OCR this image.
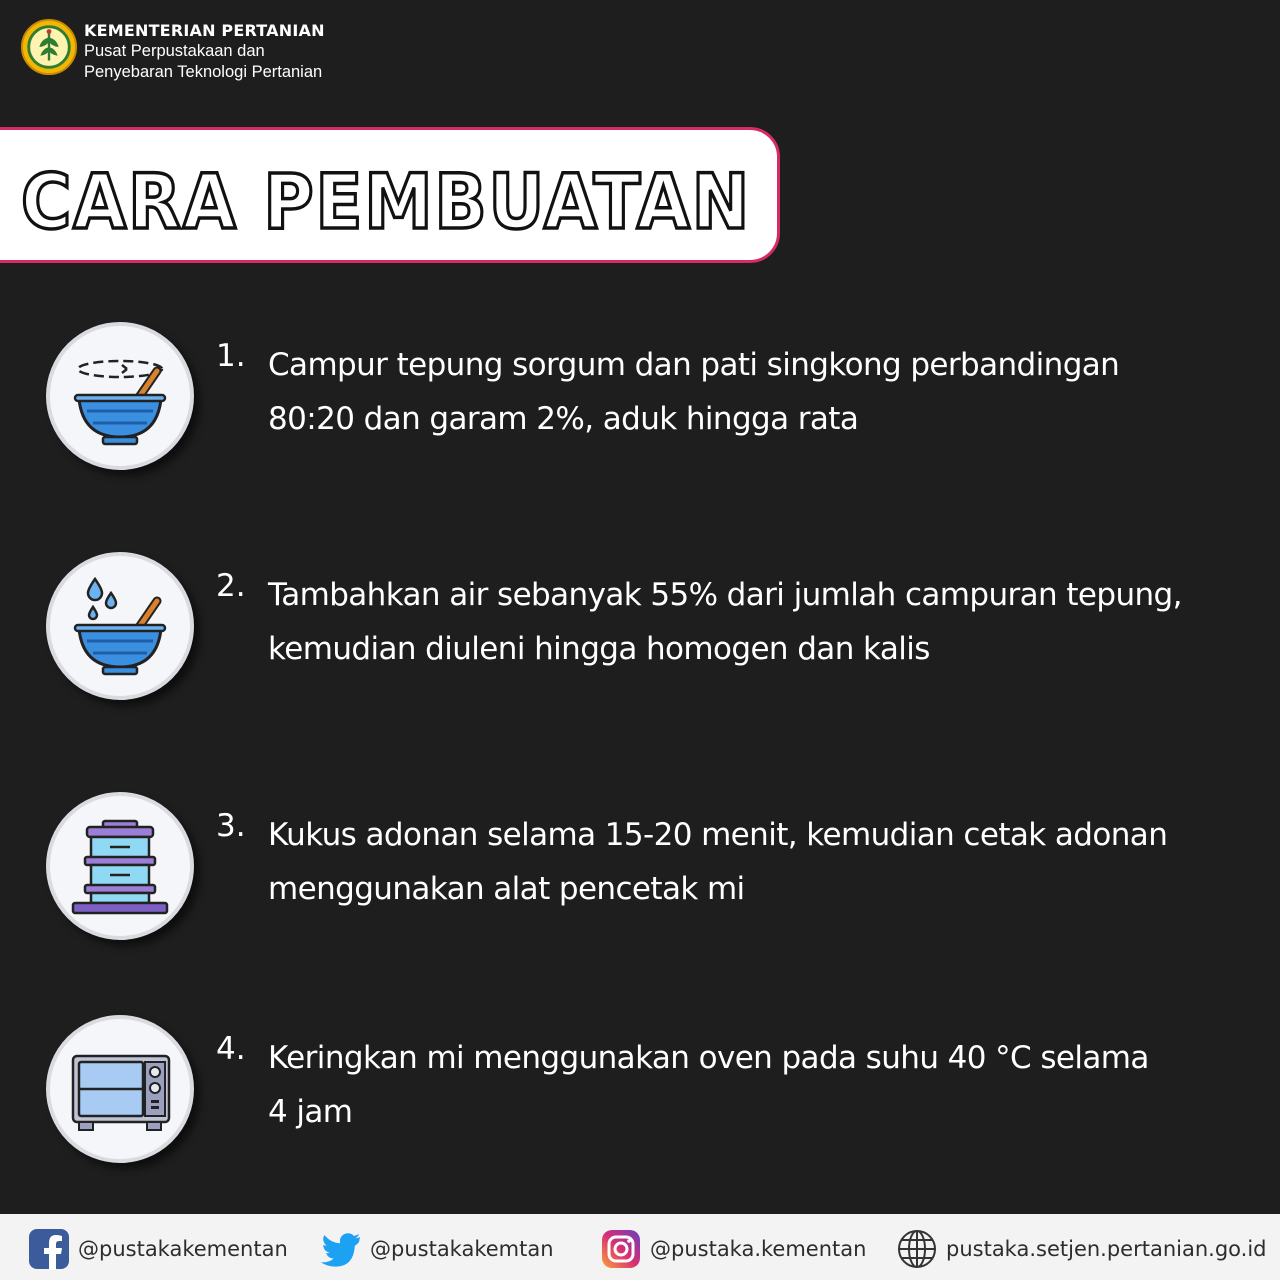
KEMENTERIAN PERTANIAN
Pusat Perpustakaan dan
Penyebaran Teknologi Pertanian
CARA PEMBUATAN
1. Campur tepung sorgum dan pati singkong perbandingan
80:20 dan garam 2%, aduk hingga rata
2. Tambahkan air sebanyak 55% dari jumlah campuran tepung,
kemudian diuleni hingga homogen dan kalis
3. Kukus adonan selama 15-20 menit, kemudian cetak adonan
menggunakan alat pencetak mi
4. Keringkan mi menggunakan oven pada suhu 40 °C selama
4 jam
@pustakakementan	@pustakakemtan	@pustaka.kementan	pustaka.setjen.pertanian.go.id
